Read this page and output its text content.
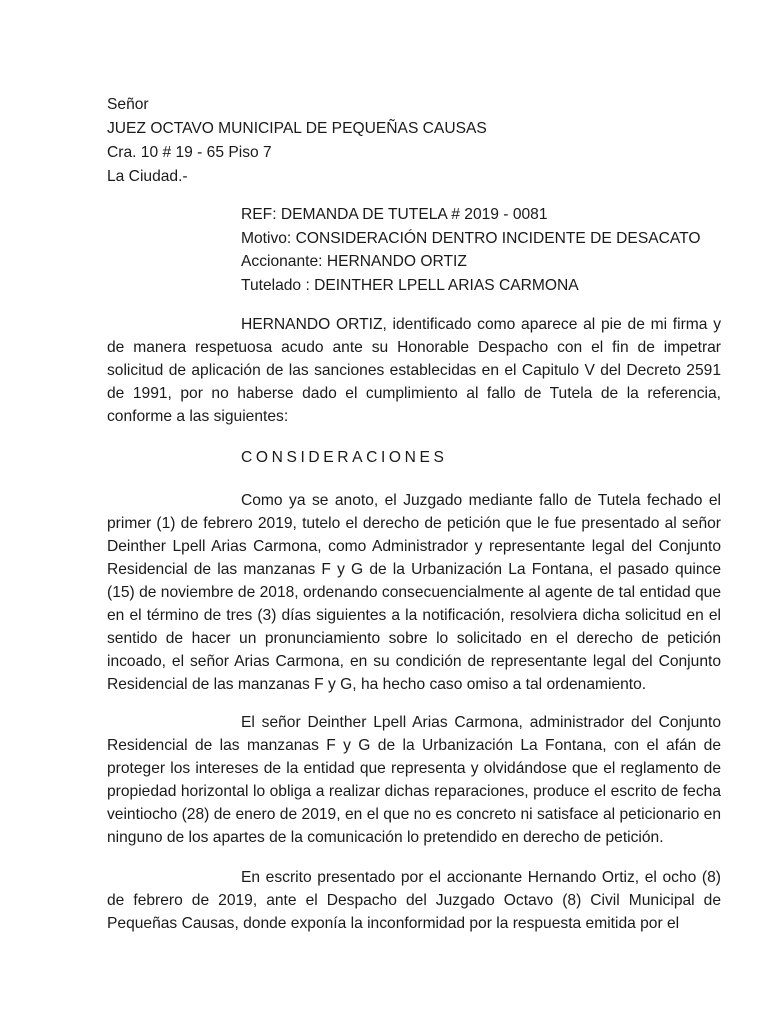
Señor
JUEZ OCTAVO MUNICIPAL DE PEQUEÑAS CAUSAS
Cra. 10 # 19 - 65 Piso 7
La Ciudad.-
REF: DEMANDA DE TUTELA # 2019 - 0081
Motivo: CONSIDERACIÓN DENTRO INCIDENTE DE DESACATO
Accionante: HERNANDO ORTIZ
Tutelado : DEINTHER LPELL ARIAS CARMONA

HERNANDO ORTIZ, identificado como aparece al pie de mi firma y de manera respetuosa acudo ante su Honorable Despacho con el fin de impetrar solicitud de aplicación de las sanciones establecidas en el Capitulo V del Decreto 2591 de 1991, por no haberse dado el cumplimiento al fallo de Tutela de la referencia, conforme a las siguientes:

CONSIDERACIONES

Como ya se anoto, el Juzgado mediante fallo de Tutela fechado el primer (1) de febrero 2019, tutelo el derecho de petición que le fue presentado al señor Deinther Lpell Arias Carmona, como Administrador y representante legal del Conjunto Residencial de las manzanas F y G de la Urbanización La Fontana, el pasado quince (15) de noviembre de 2018, ordenando consecuencialmente al agente de tal entidad que en el término de tres (3) días siguientes a la notificación, resolviera dicha solicitud en el sentido de hacer un pronunciamiento sobre lo solicitado en el derecho de petición incoado, el señor Arias Carmona, en su condición de representante legal del Conjunto Residencial de las manzanas F y G, ha hecho caso omiso a tal ordenamiento.

El señor Deinther Lpell Arias Carmona, administrador del Conjunto Residencial de las manzanas F y G de la Urbanización La Fontana, con el afán de proteger los intereses de la entidad que representa y olvidándose que el reglamento de propiedad horizontal lo obliga a realizar dichas reparaciones, produce el escrito de fecha veintiocho (28) de enero de 2019, en el que no es concreto ni satisface al peticionario en ninguno de los apartes de la comunicación lo pretendido en derecho de petición.

En escrito presentado por el accionante Hernando Ortiz, el ocho (8) de febrero de 2019, ante el Despacho del Juzgado Octavo (8) Civil Municipal de Pequeñas Causas, donde exponía la inconformidad por la respuesta emitida por el
